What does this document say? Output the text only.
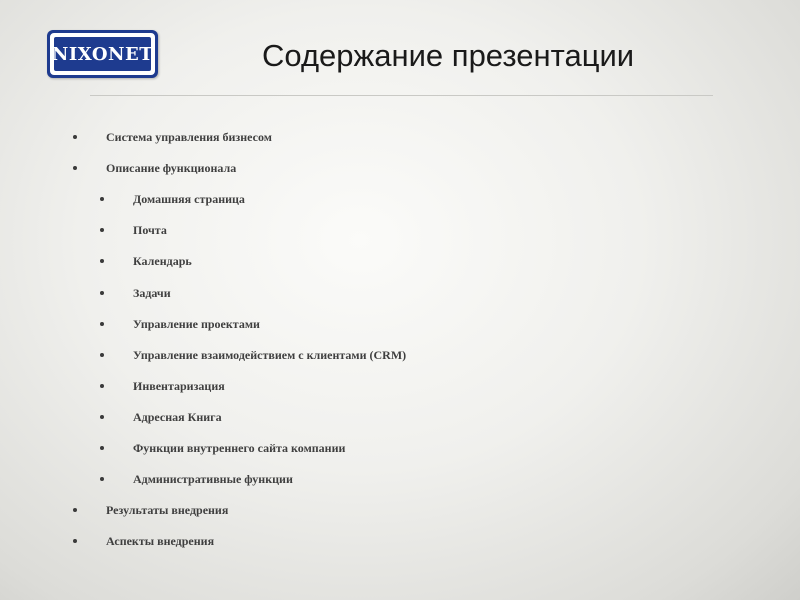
NIXONET	Содержание презентации
Система управления бизнесом
Описание функционала
Домашняя страница
Почта
Календарь
Задачи
Управление проектами
Управление взаимодействием с клиентами (CRM)
Инвентаризация
Адресная Книга
Функции внутреннего сайта компании
Административные функции
Результаты внедрения
Аспекты внедрения
